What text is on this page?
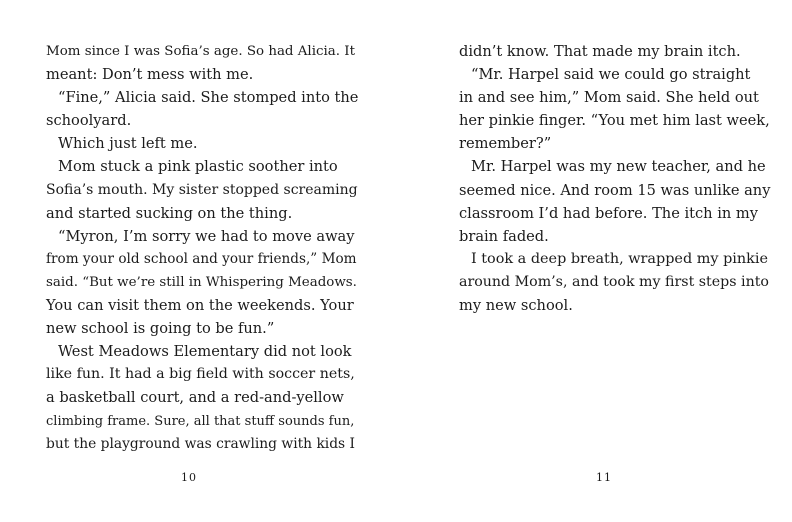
Mom since I was Sofia’s age. So had Alicia. It
meant: Don’t mess with me.
“Fine,” Alicia said. She stomped into the
schoolyard.
Which just left me.
Mom stuck a pink plastic soother into
Sofia’s mouth. My sister stopped screaming
and started sucking on the thing.
“Myron, I’m sorry we had to move away
from your old school and your friends,” Mom
said. “But we’re still in Whispering Meadows.
You can visit them on the weekends. Your
new school is going to be fun.”
West Meadows Elementary did not look
like fun. It had a big field with soccer nets,
a basketball court, and a red-and-yellow
climbing frame. Sure, all that stuff sounds fun,
but the playground was crawling with kids I
10
didn’t know. That made my brain itch.
“Mr. Harpel said we could go straight
in and see him,” Mom said. She held out
her pinkie finger. “You met him last week,
remember?”
Mr. Harpel was my new teacher, and he
seemed nice. And room 15 was unlike any
classroom I’d had before. The itch in my
brain faded.
I took a deep breath, wrapped my pinkie
around Mom’s, and took my first steps into
my new school.
11
